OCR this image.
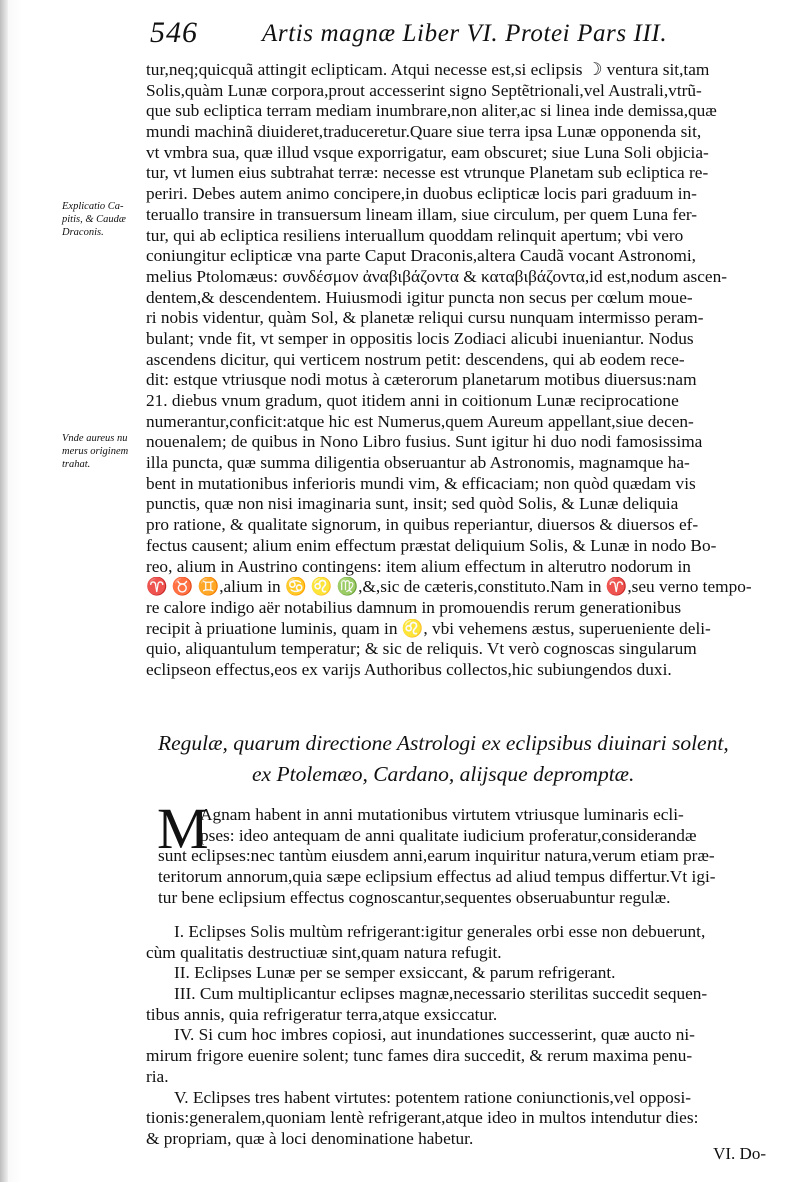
546	Artis magnæ Liber VI. Protei Pars III.
Explicatio Ca-
pitis, & Caudæ
Draconis.
Vnde aureus nu
merus originem
trahat.
tur,neq;quicquã attingit eclipticam. Atqui necesse est,si eclipsis ☽ ventura sit,tam
Solis,quàm Lunæ corpora,prout accesserint signo Septẽtrionali,vel Australi,vtrũ-
que sub ecliptica terram mediam inumbrare,non aliter,ac si linea inde demissa,quæ
mundi machinã diuideret,traduceretur.Quare siue terra ipsa Lunæ opponenda sit,
vt vmbra sua, quæ illud vsque exporrigatur, eam obscuret; siue Luna Soli objicia-
tur, vt lumen eius subtrahat terræ: necesse est vtrunque Planetam sub ecliptica re-
periri. Debes autem animo concipere,in duobus eclipticæ locis pari graduum in-
teruallo transire in transuersum lineam illam, siue circulum, per quem Luna fer-
tur, qui ab ecliptica resiliens interuallum quoddam relinquit apertum; vbi vero
coniungitur eclipticæ vna parte Caput Draconis,altera Caudã vocant Astronomi,
melius Ptolomæus: συνδέσμον ἀναβιβάζοντα & καταβιβάζοντα,id est,nodum ascen-
dentem,& descendentem. Huiusmodi igitur puncta non secus per cœlum moue-
ri nobis videntur, quàm Sol, & planetæ reliqui cursu nunquam intermisso peram-
bulant; vnde fit, vt semper in oppositis locis Zodiaci alicubi inueniantur. Nodus
ascendens dicitur, qui verticem nostrum petit: descendens, qui ab eodem rece-
dit: estque vtriusque nodi motus à cæterorum planetarum motibus diuersus:nam
21. diebus vnum gradum, quot itidem anni in coitionum Lunæ reciprocatione
numerantur,conficit:atque hic est Numerus,quem Aureum appellant,siue decen-
nouenalem; de quibus in Nono Libro fusius. Sunt igitur hi duo nodi famosissima
illa puncta, quæ summa diligentia obseruantur ab Astronomis, magnamque ha-
bent in mutationibus inferioris mundi vim, & efficaciam; non quòd quædam vis
punctis, quæ non nisi imaginaria sunt, insit; sed quòd Solis, & Lunæ deliquia
pro ratione, & qualitate signorum, in quibus reperiantur, diuersos & diuersos ef-
fectus causent; alium enim effectum præstat deliquium Solis, & Lunæ in nodo Bo-
reo, alium in Austrino contingens: item alium effectum in alterutro nodorum in
♈ ♉ ♊,alium in ♋ ♌ ♍,&,sic de cæteris,constituto.Nam in ♈,seu verno tempo-
re calore indigo aër notabilius damnum in promouendis rerum generationibus
recipit à priuatione luminis, quam in ♌, vbi vehemens æstus, superueniente deli-
quio, aliquantulum temperatur; & sic de reliquis. Vt verò cognoscas singularum
eclipseon effectus,eos ex varijs Authoribus collectos,hic subiungendos duxi.
Regulæ, quarum directione Astrologi ex eclipsibus diuinari solent,
ex Ptolemæo, Cardano, alijsque depromptæ.
M
Agnam habent in anni mutationibus virtutem vtriusque luminaris ecli-
pses: ideo antequam de anni qualitate iudicium proferatur,considerandæ
sunt eclipses:nec tantùm eiusdem anni,earum inquiritur natura,verum etiam præ-
teritorum annorum,quia sæpe eclipsium effectus ad aliud tempus differtur.Vt igi-
tur bene eclipsium effectus cognoscantur,sequentes obseruabuntur regulæ.
I. Eclipses Solis multùm refrigerant:igitur generales orbi esse non debuerunt,
cùm qualitatis destructiuæ sint,quam natura refugit.
II. Eclipses Lunæ per se semper exsiccant, & parum refrigerant.
III. Cum multiplicantur eclipses magnæ,necessario sterilitas succedit sequen-
tibus annis, quia refrigeratur terra,atque exsiccatur.
IV. Si cum hoc imbres copiosi, aut inundationes successerint, quæ aucto ni-
mirum frigore euenire solent; tunc fames dira succedit, & rerum maxima penu-
ria.
V. Eclipses tres habent virtutes: potentem ratione coniunctionis,vel opposi-
tionis:generalem,quoniam lentè refrigerant,atque ideo in multos intendutur dies:
& propriam, quæ à loci denominatione habetur.
VI. Do-
